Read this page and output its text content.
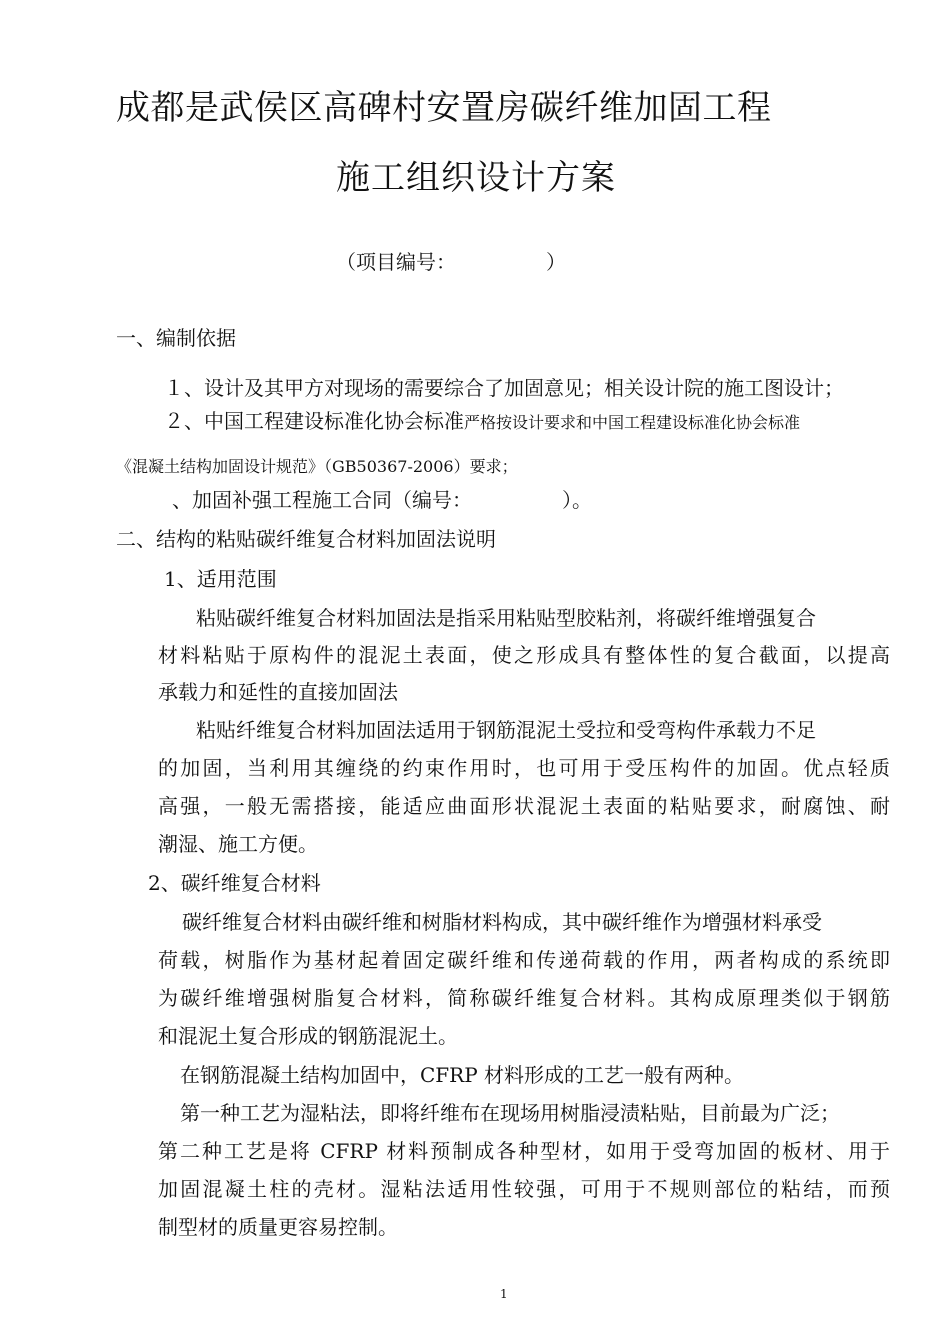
成都是武侯区高碑村安置房碳纤维加固工程
施工组织设计方案
（项目编号：　　　　　）
一、编制依据
１、设计及其甲方对现场的需要综合了加固意见；相关设计院的施工图设计；
２、中国工程建设标准化协会标准严格按设计要求和中国工程建设标准化协会标准
《混凝土结构加固设计规范》（GB50367-2006）要求；
、加固补强工程施工合同（编号：　　　　　）。
二、结构的粘贴碳纤维复合材料加固法说明
1、适用范围
粘贴碳纤维复合材料加固法是指采用粘贴型胶粘剂，将碳纤维增强复合
材料粘贴于原构件的混泥土表面，使之形成具有整体性的复合截面，以提高
承载力和延性的直接加固法
粘贴纤维复合材料加固法适用于钢筋混泥土受拉和受弯构件承载力不足
的加固，当利用其缠绕的约束作用时，也可用于受压构件的加固。优点轻质
高强，一般无需搭接，能适应曲面形状混泥土表面的粘贴要求，耐腐蚀、耐
潮湿、施工方便。
2、碳纤维复合材料
碳纤维复合材料由碳纤维和树脂材料构成，其中碳纤维作为增强材料承受
荷载，树脂作为基材起着固定碳纤维和传递荷载的作用，两者构成的系统即
为碳纤维增强树脂复合材料，简称碳纤维复合材料。其构成原理类似于钢筋
和混泥土复合形成的钢筋混泥土。
在钢筋混凝土结构加固中，CFRP 材料形成的工艺一般有两种。
第一种工艺为湿粘法，即将纤维布在现场用树脂浸渍粘贴，目前最为广泛；
第二种工艺是将 CFRP 材料预制成各种型材，如用于受弯加固的板材、用于
加固混凝土柱的壳材。湿粘法适用性较强，可用于不规则部位的粘结，而预
制型材的质量更容易控制。
1
